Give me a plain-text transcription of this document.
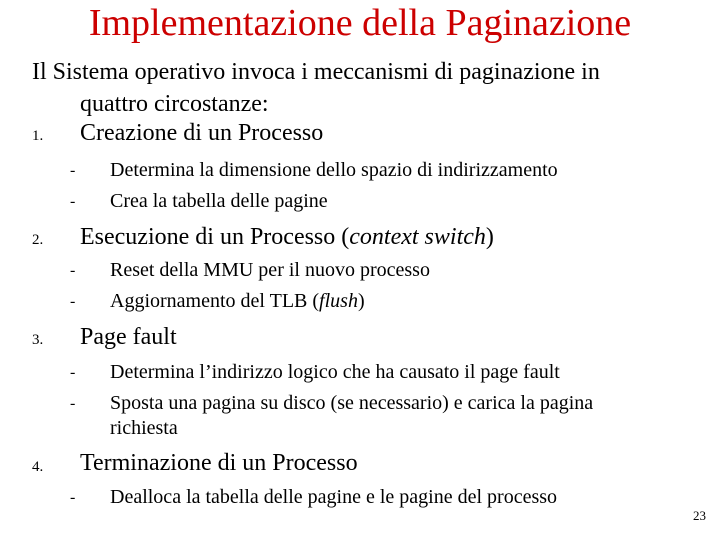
Implementazione della Paginazione
Il Sistema operativo invoca i meccanismi di paginazione in
quattro circostanze:
1. Creazione di un Processo
- Determina la dimensione dello spazio di indirizzamento
- Crea la tabella delle pagine
2. Esecuzione di un Processo (context switch)
- Reset della MMU per il nuovo processo
- Aggiornamento del TLB (flush)
3. Page fault
- Determina l’indirizzo logico che ha causato il page fault
- Sposta una pagina su disco (se necessario) e carica la pagina
richiesta
4. Terminazione di un Processo
- Dealloca la tabella delle pagine e le pagine del processo
23
